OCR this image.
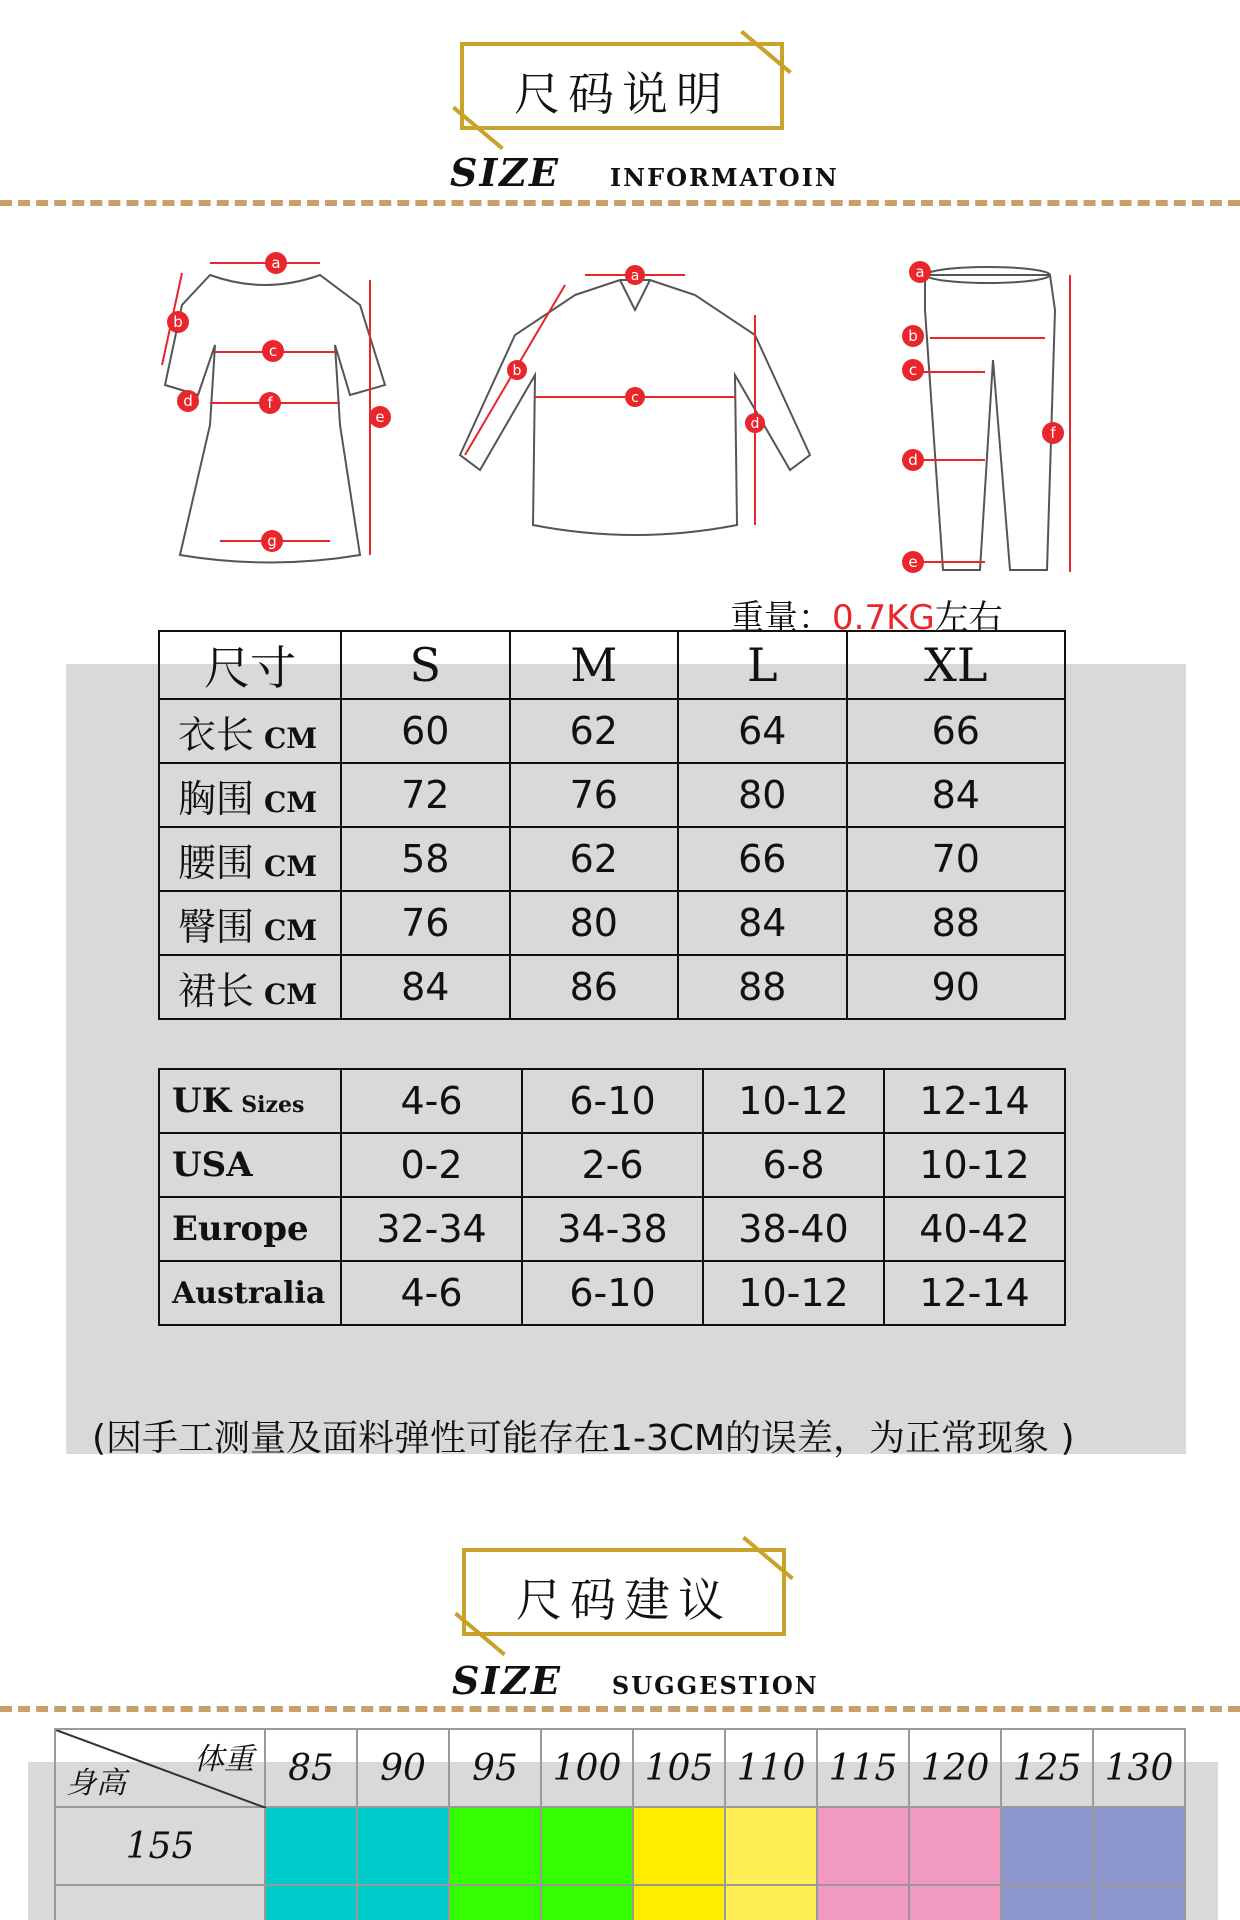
尺码说明
SIZE INFORMATOIN
a
b
c
d	f
e
g
a
b
c
d
a
b
c
d
e
f
重量：0.7KG左右
尺寸	S	M	L	XL
衣长 CM	60	62	64	66
胸围 CM	72	76	80	84
腰围 CM	58	62	66	70
臀围 CM	76	80	84	88
裙长 CM	84	86	88	90
UK Sizes	4-6	6-10	10-12	12-14
USA	0-2	2-6	6-8	10-12
Europe	32-34	34-38	38-40	40-42
Australia	4-6	6-10	10-12	12-14
(因手工测量及面料弹性可能存在1-3CM的误差，为正常现象 )
尺码建议
SIZE SUGGESTION
体重
身高	85	90	95	100	105	110	115	120	125	130
155										
